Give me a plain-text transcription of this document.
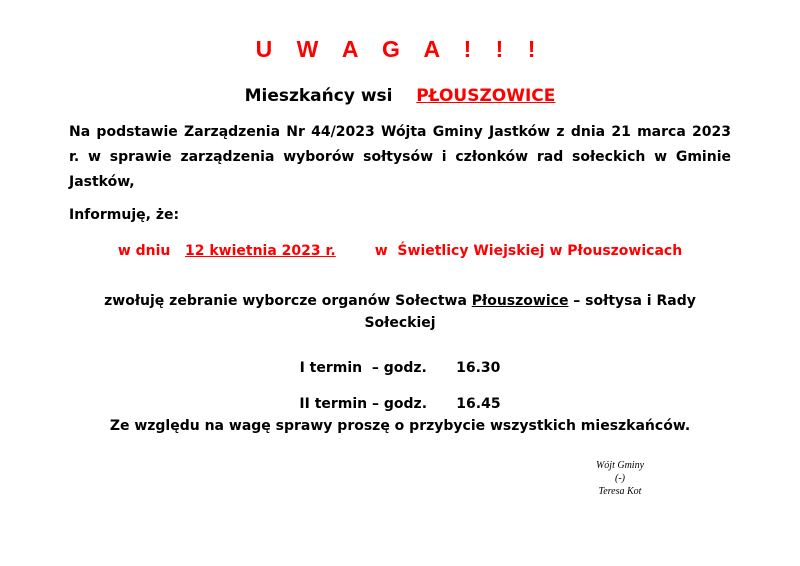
U W A G A ! ! !
Mieszkańcy wsi PŁOUSZOWICE
Na podstawie Zarządzenia Nr 44/2023 Wójta Gminy Jastków z dnia 21 marca 2023 r. w sprawie zarządzenia wyborów sołtysów i członków rad sołeckich w Gminie Jastków,
Informuję, że:
w dniu 12 kwietnia 2023 r.	w  Świetlicy Wiejskiej w Płouszowicach
zwołuję zebranie wyborcze organów Sołectwa Płouszowice – sołtysa i Rady Sołeckiej
I termin  – godz. 16.30
II termin – godz. 16.45
Ze względu na wagę sprawy proszę o przybycie wszystkich mieszkańców.
Wójt Gminy
(-)
Teresa Kot
